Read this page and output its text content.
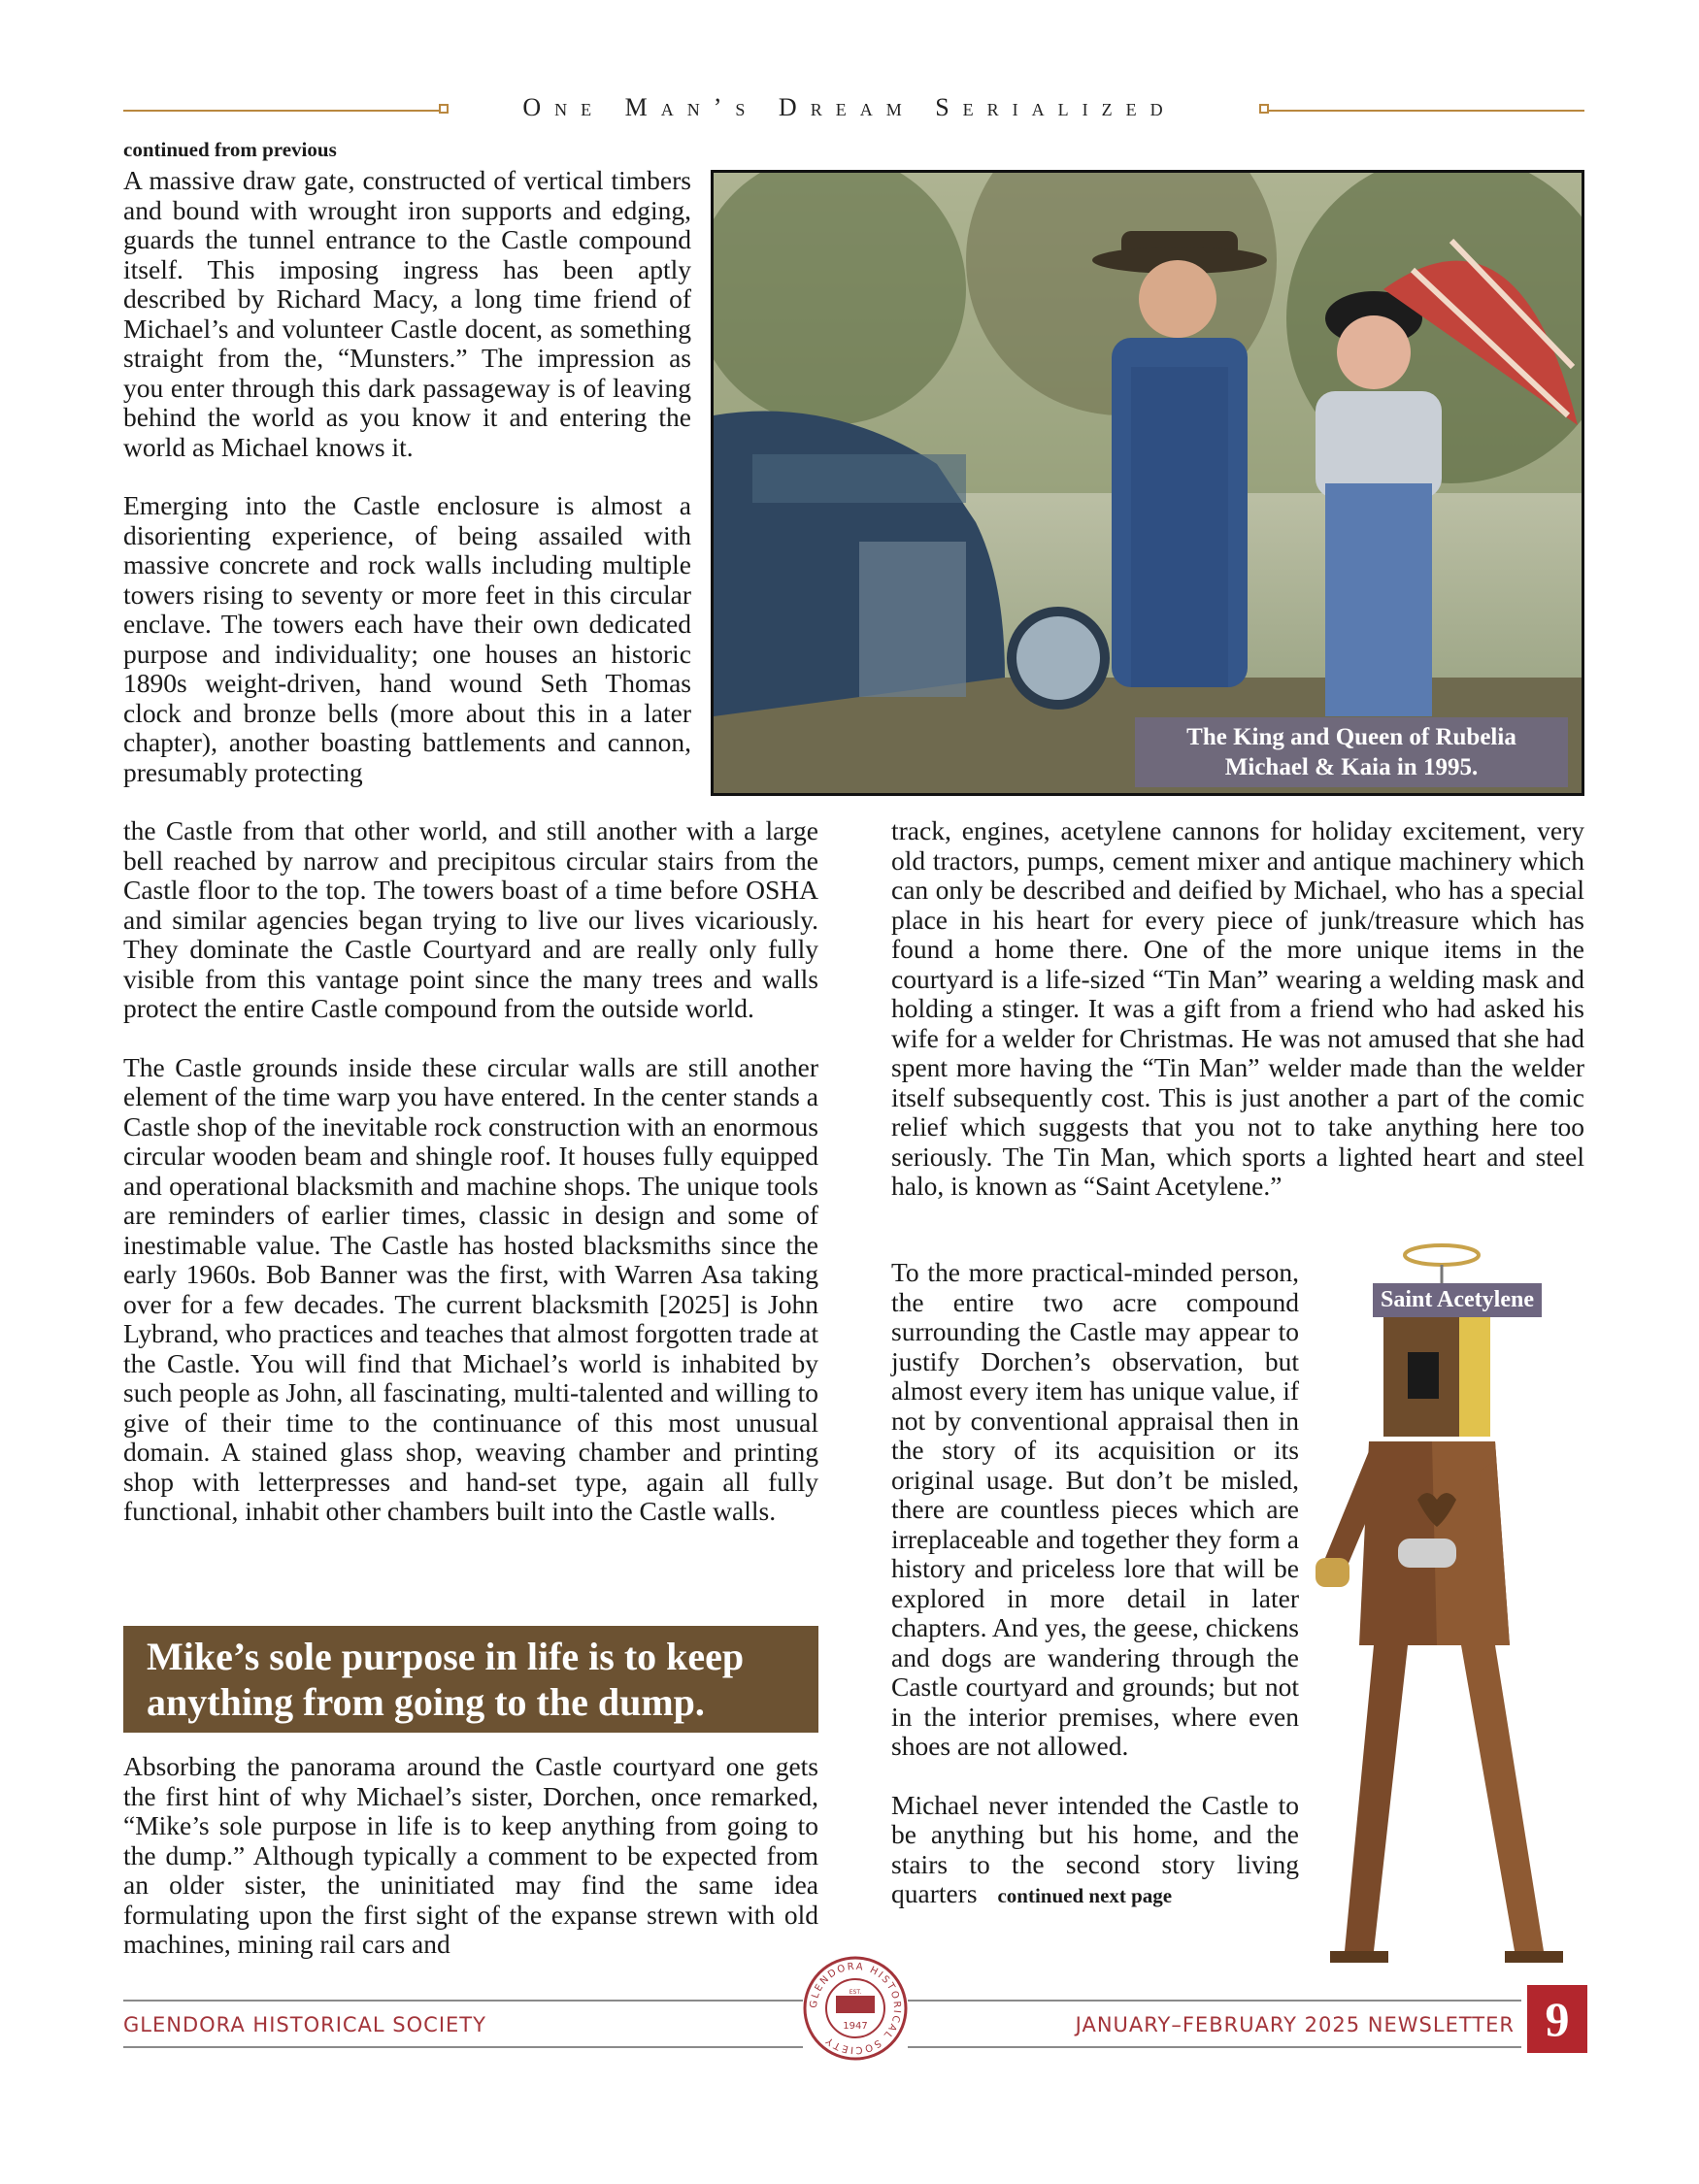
One Man’s Dream Serialized
continued from previous

A massive draw gate, constructed of vertical timbers and bound with wrought iron supports and edging, guards the tunnel entrance to the Castle compound itself. This imposing ingress has been aptly described by Richard Macy, a long time friend of Michael’s and volunteer Castle docent, as something straight from the, “Munsters.” The impression as you enter through this dark passageway is of leaving behind the world as you know it and entering the world as Michael knows it.

Emerging into the Castle enclosure is almost a disorienting experience, of being assailed with massive concrete and rock walls including multiple towers rising to seventy or more feet in this circular enclave. The towers each have their own dedicated purpose and individuality; one houses an historic 1890s weight-driven, hand wound Seth Thomas clock and bronze bells (more about this in a later chapter), another boasting battlements and cannon, presumably protecting

The King and Queen of Rubelia
Michael & Kaia in 1995.

the Castle from that other world, and still another with a large bell reached by narrow and precipitous circular stairs from the Castle floor to the top. The towers boast of a time before OSHA and similar agencies began trying to live our lives vicariously. They dominate the Castle Courtyard and are really only fully visible from this vantage point since the many trees and walls protect the entire Castle compound from the outside world.

The Castle grounds inside these circular walls are still another element of the time warp you have entered. In the center stands a Castle shop of the inevitable rock construction with an enormous circular wooden beam and shingle roof. It houses fully equipped and operational blacksmith and machine shops. The unique tools are reminders of earlier times, classic in design and some of inestimable value. The Castle has hosted blacksmiths since the early 1960s. Bob Banner was the first, with Warren Asa taking over for a few decades. The current blacksmith [2025] is John Lybrand, who practices and teaches that almost forgotten trade at the Castle. You will find that Michael’s world is inhabited by such people as John, all fascinating, multi-talented and willing to give of their time to the continuance of this most unusual domain. A stained glass shop, weaving chamber and printing shop with letterpresses and hand-set type, again all fully functional, inhabit other chambers built into the Castle walls.

Mike’s sole purpose in life is to keep anything from going to the dump.

Absorbing the panorama around the Castle courtyard one gets the first hint of why Michael’s sister, Dorchen, once remarked, “Mike’s sole purpose in life is to keep anything from going to the dump.” Although typically a comment to be expected from an older sister, the uninitiated may find the same idea formulating upon the first sight of the expanse strewn with old machines, mining rail cars and

track, engines, acetylene cannons for holiday excitement, very old tractors, pumps, cement mixer and antique machinery which can only be described and deified by Michael, who has a special place in his heart for every piece of junk/treasure which has found a home there. One of the more unique items in the courtyard is a life-sized “Tin Man” wearing a welding mask and holding a stinger. It was a gift from a friend who had asked his wife for a welder for Christmas. He was not amused that she had spent more having the “Tin Man” welder made than the welder itself subsequently cost. This is just another a part of the comic relief which suggests that you not to take anything here too seriously. The Tin Man, which sports a lighted heart and steel halo, is known as “Saint Acetylene.”

To the more practical-minded person, the entire two acre compound surrounding the Castle may appear to justify Dorchen’s observation, but almost every item has unique value, if not by conventional appraisal then in the story of its acquisition or its original usage. But don’t be misled, there are countless pieces which are irreplaceable and together they form a history and priceless lore that will be explored in more detail in later chapters. And yes, the geese, chickens and dogs are wandering through the Castle courtyard and grounds; but not in the interior premises, where even shoes are not allowed.

Michael never intended the Castle to be anything but his home, and the stairs to the second story living quarters continued next page

Saint Acetylene
GLENDORA HISTORICAL SOCIETY
GLENDORA HISTORICAL SOCIETY
EST.
1947	JANUARY–FEBRUARY 2025 NEWSLETTER 9
